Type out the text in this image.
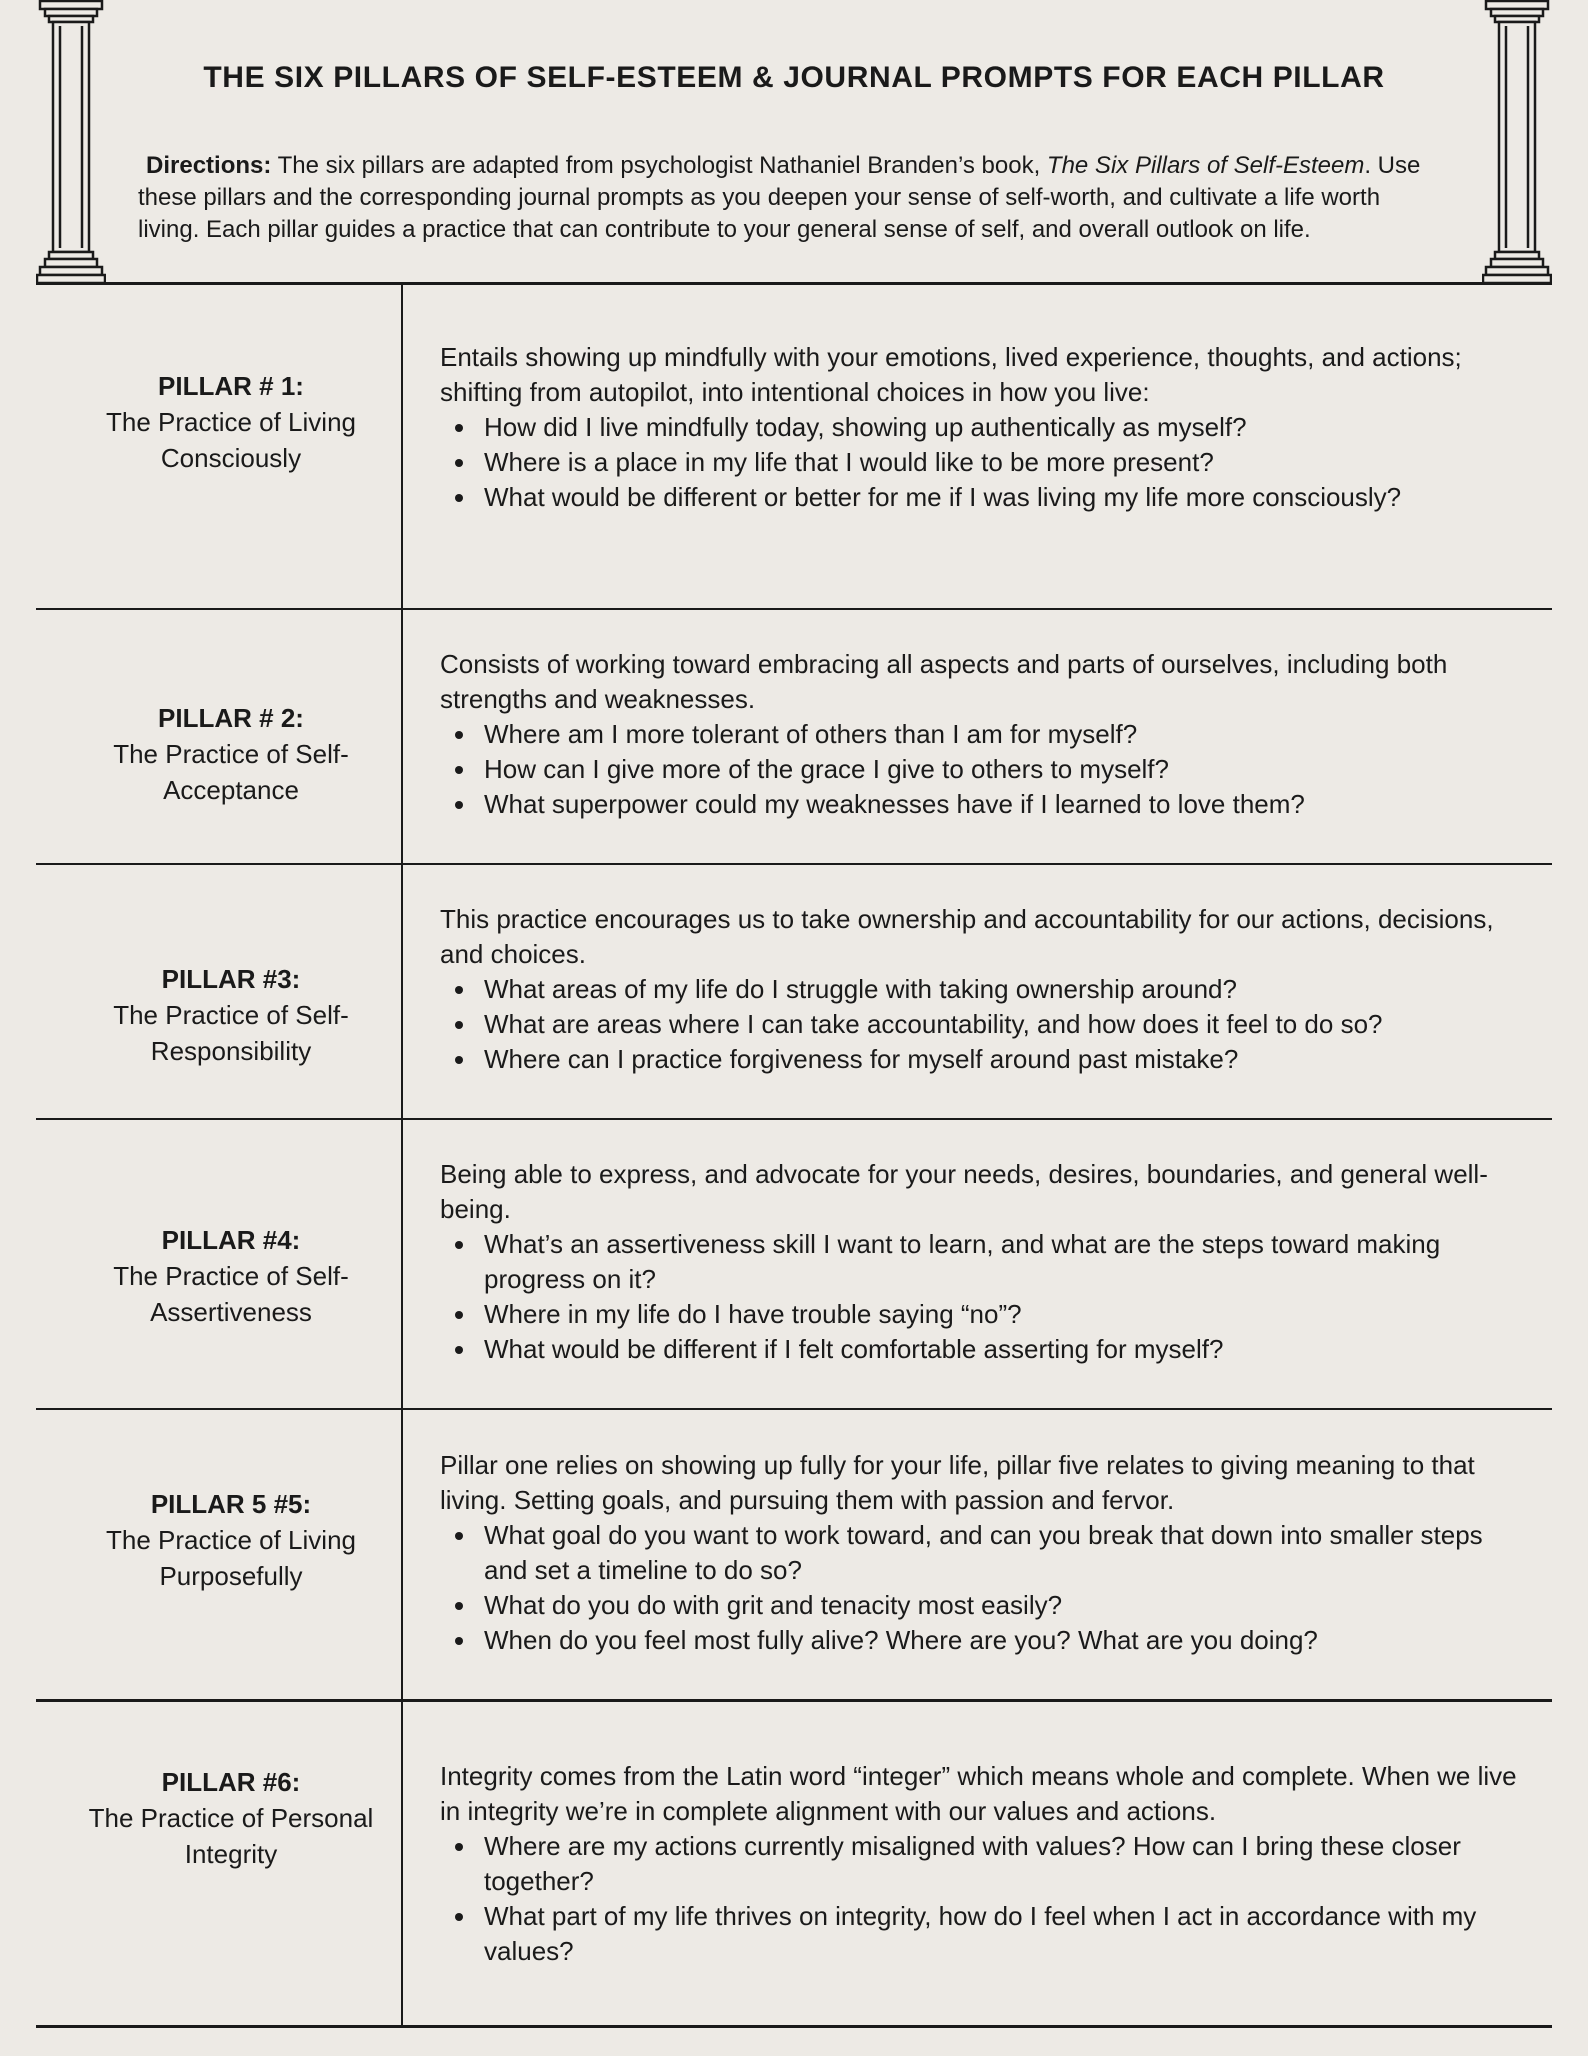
THE SIX PILLARS OF SELF-ESTEEM & JOURNAL PROMPTS FOR EACH PILLAR

Directions: The six pillars are adapted from psychologist Nathaniel Branden’s book, The Six Pillars of Self-Esteem. Use these pillars and the corresponding journal prompts as you deepen your sense of self-worth, and cultivate a life worth living. Each pillar guides a practice that can contribute to your general sense of self, and overall outlook on life.

PILLAR # 1:
The Practice of Living Consciously

Entails showing up mindfully with your emotions, lived experience, thoughts, and actions; shifting from autopilot, into intentional choices in how you live:

How did I live mindfully today, showing up authentically as myself?
Where is a place in my life that I would like to be more present?
What would be different or better for me if I was living my life more consciously?
PILLAR # 2:
The Practice of Self-Acceptance

Consists of working toward embracing all aspects and parts of ourselves, including both strengths and weaknesses.

Where am I more tolerant of others than I am for myself?
How can I give more of the grace I give to others to myself?
What superpower could my weaknesses have if I learned to love them?
PILLAR #3:
The Practice of Self-Responsibility

This practice encourages us to take ownership and accountability for our actions, decisions, and choices.

What areas of my life do I struggle with taking ownership around?
What are areas where I can take accountability, and how does it feel to do so?
Where can I practice forgiveness for myself around past mistake?
PILLAR #4:
The Practice of Self-Assertiveness

Being able to express, and advocate for your needs, desires, boundaries, and general well-being.

What’s an assertiveness skill I want to learn, and what are the steps toward making progress on it?
Where in my life do I have trouble saying “no”?
What would be different if I felt comfortable asserting for myself?
PILLAR 5 #5:
The Practice of Living Purposefully

Pillar one relies on showing up fully for your life, pillar five relates to giving meaning to that living. Setting goals, and pursuing them with passion and fervor.

What goal do you want to work toward, and can you break that down into smaller steps and set a timeline to do so?
What do you do with grit and tenacity most easily?
When do you feel most fully alive? Where are you? What are you doing?
PILLAR #6:
The Practice of Personal Integrity

Integrity comes from the Latin word “integer” which means whole and complete. When we live in integrity we’re in complete alignment with our values and actions.

Where are my actions currently misaligned with values? How can I bring these closer together?
What part of my life thrives on integrity, how do I feel when I act in accordance with my values?
